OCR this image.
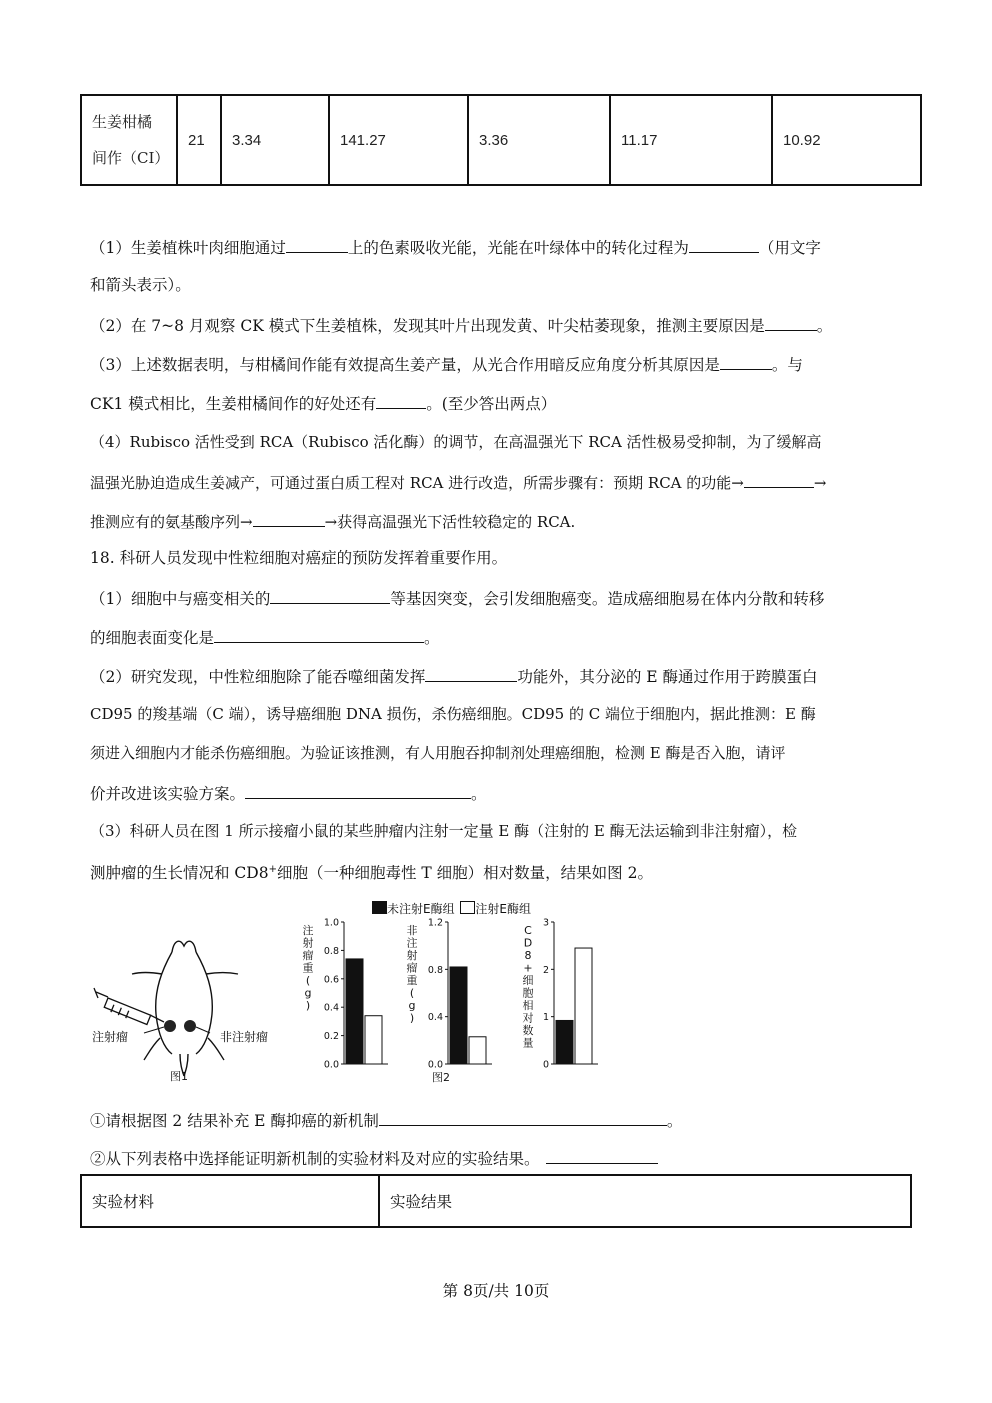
生姜柑橘
间作（CI）	21	3.34	141.27	3.36	11.17	10.92
（1）生姜植株叶肉细胞通过	上的色素吸收光能，光能在叶绿体中的转化过程为	（用文字
和箭头表示）。
（2）在 7~8 月观察 CK 模式下生姜植株，发现其叶片出现发黄、叶尖枯萎现象，推测主要原因是	。
（3）上述数据表明，与柑橘间作能有效提高生姜产量，从光合作用暗反应角度分析其原因是	。与
CK1 模式相比，生姜柑橘间作的好处还有	。(至少答出两点）
（4）Rubisco 活性受到 RCA（Rubisco 活化酶）的调节，在高温强光下 RCA 活性极易受抑制，为了缓解高
温强光胁迫造成生姜减产，可通过蛋白质工程对 RCA 进行改造，所需步骤有：预期 RCA 的功能→	→
推测应有的氨基酸序列→	→获得高温强光下活性较稳定的 RCA.
18. 科研人员发现中性粒细胞对癌症的预防发挥着重要作用。
（1）细胞中与癌变相关的	等基因突变，会引发细胞癌变。造成癌细胞易在体内分散和转移
的细胞表面变化是	。
（2）研究发现，中性粒细胞除了能吞噬细菌发挥	功能外，其分泌的 E 酶通过作用于跨膜蛋白
CD95 的羧基端（C 端），诱导癌细胞 DNA 损伤，杀伤癌细胞。CD95 的 C 端位于细胞内，据此推测：E 酶
须进入细胞内才能杀伤癌细胞。为验证该推测，有人用胞吞抑制剂处理癌细胞，检测 E 酶是否入胞，请评
价并改进该实验方案。	。
（3）科研人员在图 1 所示接瘤小鼠的某些肿瘤内注射一定量 E 酶（注射的 E 酶无法运输到非注射瘤），检
测肿瘤的生长情况和 CD8+细胞（一种细胞毒性 T 细胞）相对数量，结果如图 2。
注射瘤	非注射瘤
图1
未注射E酶组 注射E酶组
0.0
0.2
0.4
0.6
0.8
1.0
注
射
瘤
重
(
g
)
0.0
0.4
0.8
1.2
非
注
射
瘤
重
(
g
)
0
1
2
3
C
D
8
+
细
胞
相
对
数
量
图2
①请根据图 2 结果补充 E 酶抑癌的新机制	。
②从下列表格中选择能证明新机制的实验材料及对应的实验结果。
实验材料	实验结果
第 8页/共 10页
